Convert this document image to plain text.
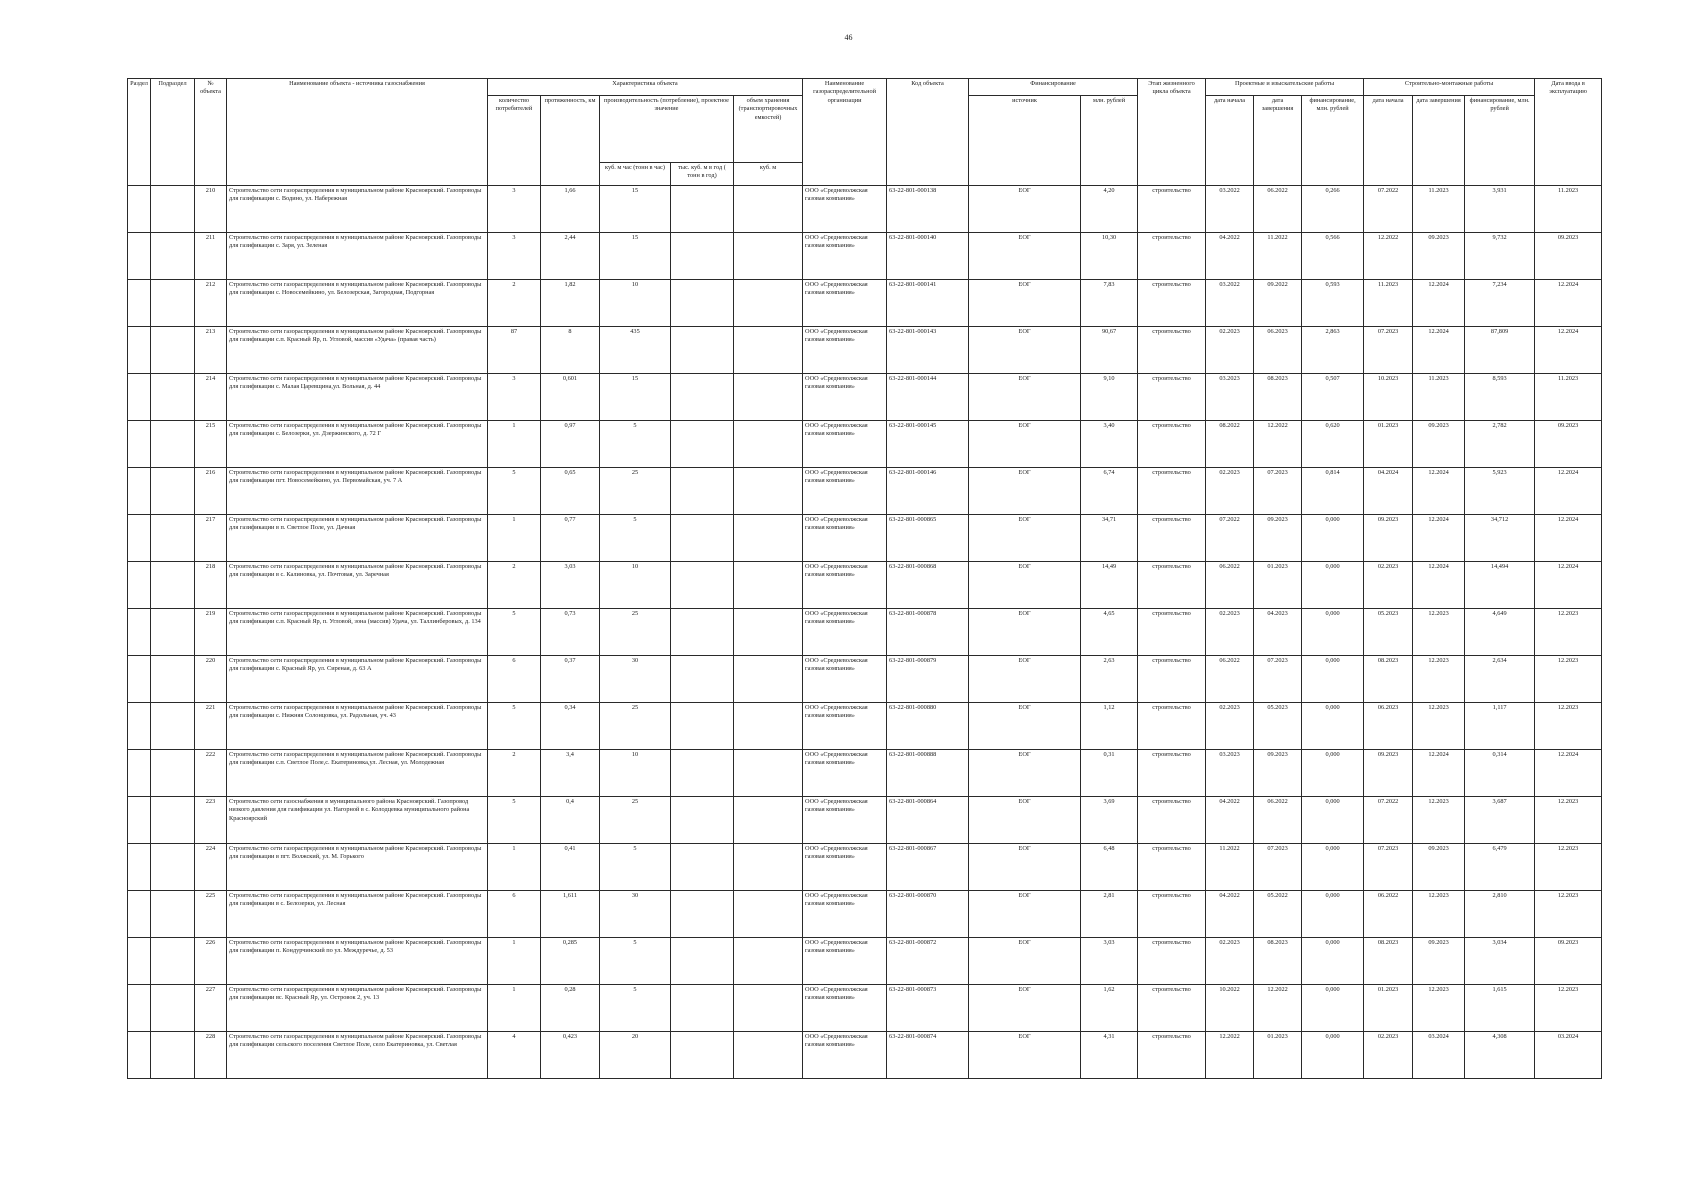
46
Раздел	Подраздел	№ объекта	Наименование объекта - источника газоснабжения	Характеристика объекта					Наименование газораспределительной организации	Код объекта	Финансирование		Этап жизненного цикла объекта	Проектные и изыскательские работы			Строительно-монтажные работы			Дата ввода в эксплуатацию
				количество потребителей	протяженность, км	производительность (потребление), проектное значение		объем хранения (транспортировочных емкостей)			источник	млн. рублей		дата начала	дата завершения	финансирование, млн. рублей	дата начала	дата завершения	финансирование, млн. рублей	
						куб. м час (тонн в час)	тыс. куб. м в год ( тонн в год)	куб. м												
		210	Строительство сети газораспределения в муниципальном районе Красноярский. Газопроводы для газификации с. Водино, ул. Набережная	3	1,66	15			ООО «Средневолжская газовая компания»	63-22-801-000138	ЕОГ	4,20	строительство	03.2022	06.2022	0,266	07.2022	11.2023	3,931	11.2023
		211	Строительство сети газораспределения в муниципальном районе Красноярский. Газопроводы для газификации с. Заря, ул. Зеленая	3	2,44	15			ООО «Средневолжская газовая компания»	63-22-801-000140	ЕОГ	10,30	строительство	04.2022	11.2022	0,566	12.2022	09.2023	9,732	09.2023
		212	Строительство сети газораспределения в муниципальном районе Красноярский. Газопроводы для газификации с. Новосемейкино, ул. Белозерская, Загородная, Подгорная	2	1,82	10			ООО «Средневолжская газовая компания»	63-22-801-000141	ЕОГ	7,83	строительство	03.2022	09.2022	0,593	11.2023	12.2024	7,234	12.2024
		213	Строительство сети газораспределения в муниципальном районе Красноярский. Газопроводы для газификации с.п. Красный Яр, п. Угловой, массив «Удача» (правая часть)	87	8	435			ООО «Средневолжская газовая компания»	63-22-801-000143	ЕОГ	90,67	строительство	02.2023	06.2023	2,863	07.2023	12.2024	87,809	12.2024
		214	Строительство сети газораспределения в муниципальном районе Красноярский. Газопроводы для газификации с. Малая Царевщина,ул. Вольная, д. 44	3	0,601	15			ООО «Средневолжская газовая компания»	63-22-801-000144	ЕОГ	9,10	строительство	03.2023	08.2023	0,507	10.2023	11.2023	8,593	11.2023
		215	Строительство сети газораспределения в муниципальном районе Красноярский. Газопроводы для газификации с. Белозерки, ул. Дзержинского, д. 72 Г	1	0,97	5			ООО «Средневолжская газовая компания»	63-22-801-000145	ЕОГ	3,40	строительство	08.2022	12.2022	0,620	01.2023	09.2023	2,782	09.2023
		216	Строительство сети газораспределения в муниципальном районе Красноярский. Газопроводы для газификации пгт. Новосемейкино, ул. Первомайская, уч. 7 А	5	0,65	25			ООО «Средневолжская газовая компания»	63-22-801-000146	ЕОГ	6,74	строительство	02.2023	07.2023	0,814	04.2024	12.2024	5,923	12.2024
		217	Строительство сети газораспределения в муниципальном районе Красноярский. Газопроводы для газификации в п. Светлое Поле, ул. Дачная	1	0,77	5			ООО «Средневолжская газовая компания»	63-22-801-000865	ЕОГ	34,71	строительство	07.2022	09.2023	0,000	09.2023	12.2024	34,712	12.2024
		218	Строительство сети газораспределения в муниципальном районе Красноярский. Газопроводы для газификации в с. Калиновка, ул. Почтовая, ул. Заречная	2	3,03	10			ООО «Средневолжская газовая компания»	63-22-801-000868	ЕОГ	14,49	строительство	06.2022	01.2023	0,000	02.2023	12.2024	14,494	12.2024
		219	Строительство сети газораспределения в муниципальном районе Красноярский. Газопроводы для газификации с.п. Красный Яр, п. Угловой, зона (массив) Удача, ул. Таллинберовых, д. 134	5	0,73	25			ООО «Средневолжская газовая компания»	63-22-801-000878	ЕОГ	4,65	строительство	02.2023	04.2023	0,000	05.2023	12.2023	4,649	12.2023
		220	Строительство сети газораспределения в муниципальном районе Красноярский. Газопроводы для газификации с. Красный Яр, ул. Сиреная, д. 63 А	6	0,37	30			ООО «Средневолжская газовая компания»	63-22-801-000879	ЕОГ	2,63	строительство	06.2022	07.2023	0,000	08.2023	12.2023	2,634	12.2023
		221	Строительство сети газораспределения в муниципальном районе Красноярский. Газопроводы для газификации с. Нижняя Солонцовка, ул. Радольная, уч. 43	5	0,34	25			ООО «Средневолжская газовая компания»	63-22-801-000880	ЕОГ	1,12	строительство	02.2023	05.2023	0,000	06.2023	12.2023	1,117	12.2023
		222	Строительство сети газораспределения в муниципальном районе Красноярский. Газопроводы для газификации с.п. Светлое Поле,с. Екатериновка,ул. Лесная, ул. Молодежная	2	3,4	10			ООО «Средневолжская газовая компания»	63-22-801-000888	ЕОГ	0,31	строительство	03.2023	09.2023	0,000	09.2023	12.2024	0,314	12.2024
		223	Строительство сети газоснабжения в муниципального района Красноярский. Газопровод низкого давления для газификации ул. Нагорной в с. Колодцевка муниципального района Красноярский	5	0,4	25			ООО «Средневолжская газовая компания»	63-22-801-000864	ЕОГ	3,69	строительство	04.2022	06.2022	0,000	07.2022	12.2023	3,687	12.2023
		224	Строительство сети газораспределения в муниципальном районе Красноярский. Газопроводы для газификации в пгт. Волжский, ул. М. Горького	1	0,41	5			ООО «Средневолжская газовая компания»	63-22-801-000867	ЕОГ	6,48	строительство	11.2022	07.2023	0,000	07.2023	09.2023	6,479	12.2023
		225	Строительство сети газораспределения в муниципальном районе Красноярский. Газопроводы для газификации в с. Белозерки, ул. Лесная	6	1,611	30			ООО «Средневолжская газовая компания»	63-22-801-000870	ЕОГ	2,81	строительство	04.2022	05.2022	0,000	06.2022	12.2023	2,810	12.2023
		226	Строительство сети газораспределения в муниципальном районе Красноярский. Газопроводы для газификации п. Кондурчинский по ул. Междуречье, д. 53	1	0,285	5			ООО «Средневолжская газовая компания»	63-22-801-000872	ЕОГ	3,03	строительство	02.2023	08.2023	0,000	08.2023	09.2023	3,034	09.2023
		227	Строительство сети газораспределения в муниципальном районе Красноярский. Газопроводы для газификации вс. Красный Яр, ул. Островок 2, уч. 13	1	0,28	5			ООО «Средневолжская газовая компания»	63-22-801-000873	ЕОГ	1,62	строительство	10.2022	12.2022	0,000	01.2023	12.2023	1,615	12.2023
		228	Строительство сети газораспределения в муниципальном районе Красноярский. Газопроводы для газификации сельского поселения Светлое Поле, село Екатериновка, ул. Светлая	4	0,423	20			ООО «Средневолжская газовая компания»	63-22-801-000874	ЕОГ	4,31	строительство	12.2022	01.2023	0,000	02.2023	03.2024	4,308	03.2024
